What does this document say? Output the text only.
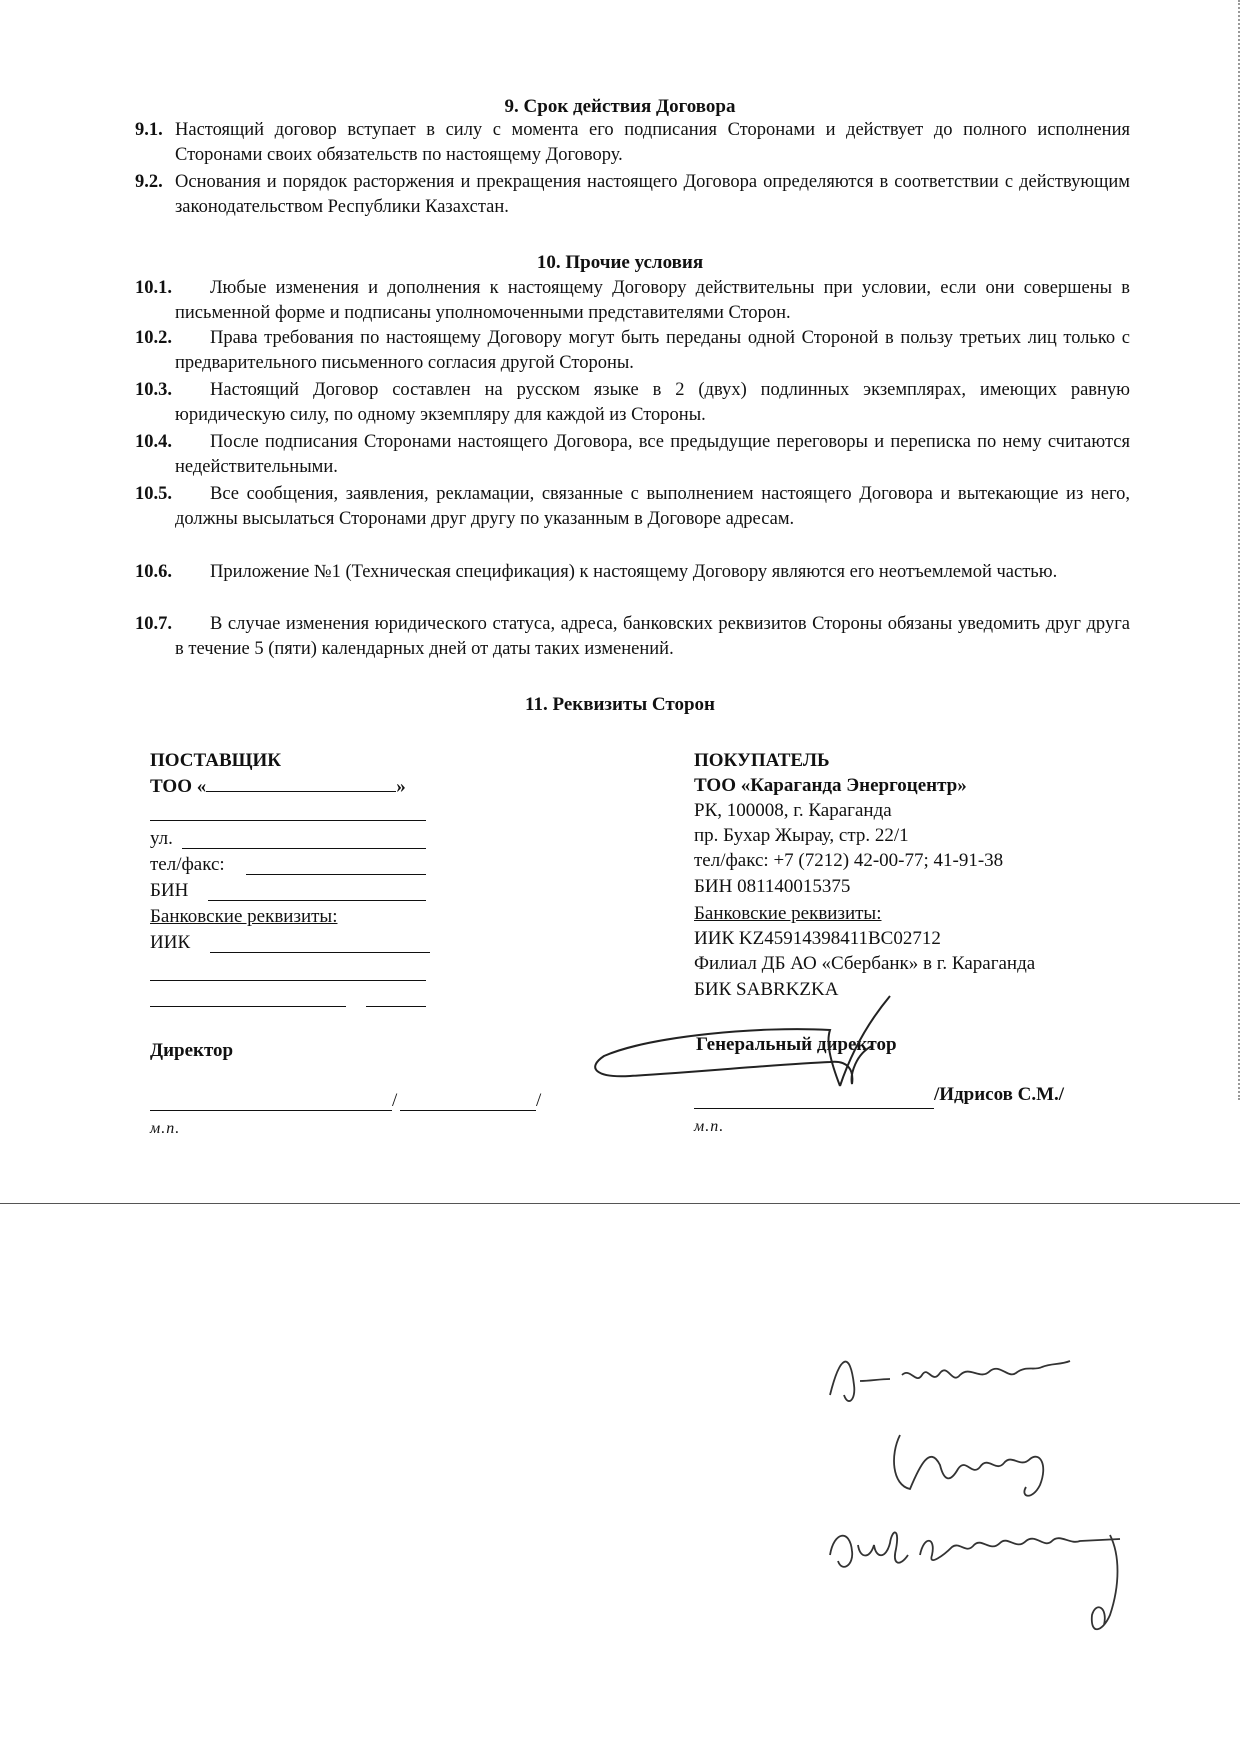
9. Срок действия Договора
9.1. Настоящий договор вступает в силу с момента его подписания Сторонами и действует до полного исполнения Сторонами своих обязательств по настоящему Договору.
9.2. Основания и порядок расторжения и прекращения настоящего Договора определяются в соответствии с действующим законодательством Республики Казахстан.
10. Прочие условия
10.1.	Любые изменения и дополнения к настоящему Договору действительны при условии, если они совершены в письменной форме и подписаны уполномоченными представителями Сторон.
10.2.	Права требования по настоящему Договору могут быть переданы одной Стороной в пользу третьих лиц только с предварительного письменного согласия другой Стороны.
10.3.	Настоящий Договор составлен на русском языке в 2 (двух) подлинных экземплярах, имеющих равную юридическую силу, по одному экземпляру для каждой из Стороны.
10.4.	После подписания Сторонами настоящего Договора, все предыдущие переговоры и переписка по нему считаются недействительными.
10.5.	Все сообщения, заявления, рекламации, связанные с выполнением настоящего Договора и вытекающие из него, должны высылаться Сторонами друг другу по указанным в Договоре адресам.
10.6.	Приложение №1 (Техническая спецификация) к настоящему Договору являются его неотъемлемой частью.
10.7.	В случае изменения юридического статуса, адреса, банковских реквизитов Стороны обязаны уведомить друг друга в течение 5 (пяти) календарных дней от даты таких изменений.
11. Реквизиты Сторон
ПОСТАВЩИК
ТОО «	»
ул.
тел/факс:
БИН
Банковские реквизиты:
ИИК
Директор
/	/
м.п.
ПОКУПАТЕЛЬ
ТОО «Караганда Энергоцентр»
РК, 100008, г. Караганда
пр. Бухар Жырау, стр. 22/1
тел/факс: +7 (7212) 42-00-77; 41-91-38
БИН 081140015375
Банковские реквизиты:
ИИК KZ45914398411BC02712
Филиал ДБ АО «Сбербанк» в г. Караганда
БИК SABRKZKA
Генеральный директор
/Идрисов С.М./
м.п.
